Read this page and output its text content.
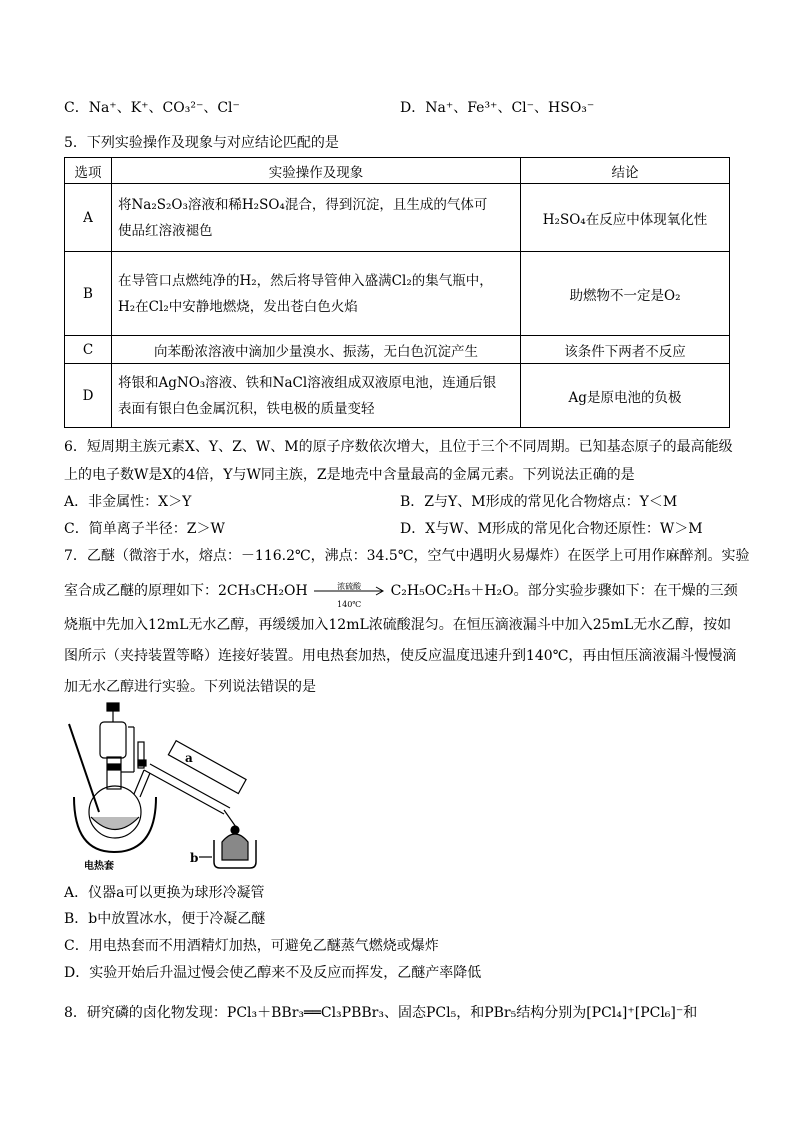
C．Na⁺、K⁺、CO₃²⁻、Cl⁻	D．Na⁺、Fe³⁺、Cl⁻、HSO₃⁻
5．下列实验操作及现象与对应结论匹配的是
选项	实验操作及现象	结论
A	将Na₂S₂O₃溶液和稀H₂SO₄混合，得到沉淀，且生成的气体可
使品红溶液褪色	H₂SO₄在反应中体现氧化性
B	在导管口点燃纯净的H₂，然后将导管伸入盛满Cl₂的集气瓶中，
H₂在Cl₂中安静地燃烧，发出苍白色火焰	助燃物不一定是O₂
C	向苯酚浓溶液中滴加少量溴水、振荡，无白色沉淀产生	该条件下两者不反应
D	将银和AgNO₃溶液、铁和NaCl溶液组成双液原电池，连通后银
表面有银白色金属沉积，铁电极的质量变轻	Ag是原电池的负极
6．短周期主族元素X、Y、Z、W、M的原子序数依次增大，且位于三个不同周期。已知基态原子的最高能级
上的电子数W是X的4倍，Y与W同主族，Z是地壳中含量最高的金属元素。下列说法正确的是
A．非金属性：X＞Y	B．Z与Y、M形成的常见化合物熔点：Y＜M
C．简单离子半径：Z＞W	D．X与W、M形成的常见化合物还原性：W＞M
7．乙醚（微溶于水，熔点：－116.2℃，沸点：34.5℃，空气中遇明火易爆炸）在医学上可用作麻醉剂。实验
室合成乙醚的原理如下：2CH₃CH₂OH	浓硫酸
140℃
C₂H₅OC₂H₅＋H₂O。部分实验步骤如下：在干燥的三颈
烧瓶中先加入12mL无水乙醇，再缓缓加入12mL浓硫酸混匀。在恒压滴液漏斗中加入25mL无水乙醇，按如
图所示（夹持装置等略）连接好装置。用电热套加热，使反应温度迅速升到140℃，再由恒压滴液漏斗慢慢滴
加无水乙醇进行实验。下列说法错误的是
a
b
电热套
A．仪器a可以更换为球形冷凝管
B．b中放置冰水，便于冷凝乙醚
C．用电热套而不用酒精灯加热，可避免乙醚蒸气燃烧或爆炸
D．实验开始后升温过慢会使乙醇来不及反应而挥发，乙醚产率降低
8．研究磷的卤化物发现：PCl₃＋BBr₃══Cl₃PBBr₃、固态PCl₅，和PBr₅结构分别为[PCl₄]⁺[PCl₆]⁻和
